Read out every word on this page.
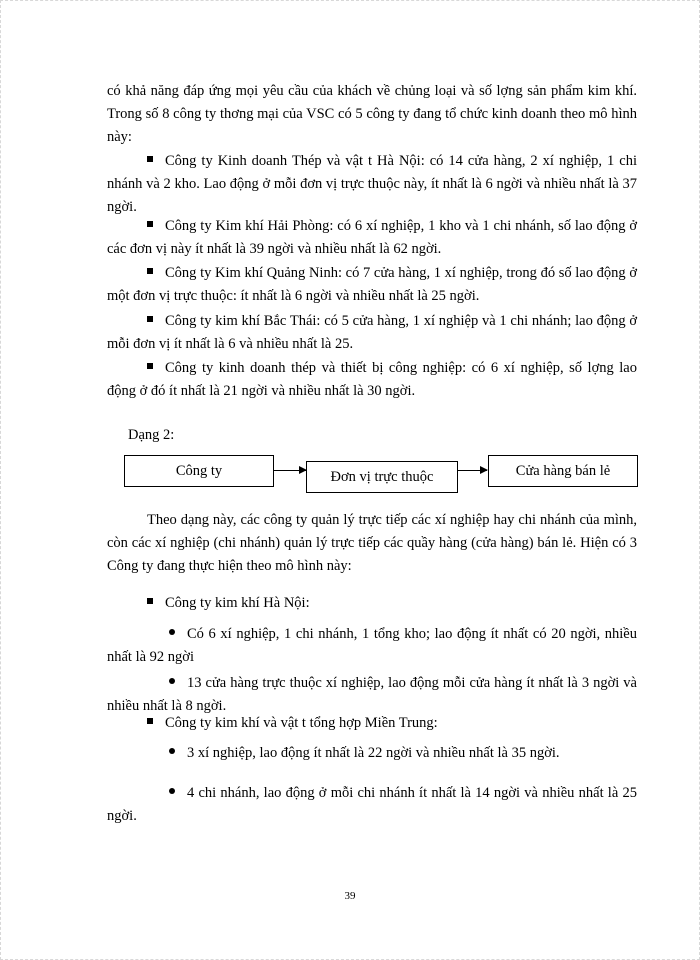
có khả năng đáp ứng mọi yêu cầu của khách về chủng loại và số lợng sản phẩm kim khí. Trong số 8 công ty thơng mại của VSC có 5 công ty đang tổ chức kinh doanh theo mô hình này:

Công ty Kinh doanh Thép và vật t Hà Nội: có 14 cửa hàng, 2 xí nghiệp, 1 chi nhánh và 2 kho. Lao động ở mỗi đơn vị trực thuộc này, ít nhất là 6 ngời và nhiều nhất là 37 ngời.

Công ty Kim khí Hải Phòng: có 6 xí nghiệp, 1 kho và 1 chi nhánh, số lao động ở các đơn vị này ít nhất là 39 ngời và nhiều nhất là 62 ngời.

Công ty Kim khí Quảng Ninh: có 7 cửa hàng, 1 xí nghiệp, trong đó số lao động ở một đơn vị trực thuộc: ít nhất là 6 ngời và nhiều nhất là 25 ngời.

Công ty kim khí Bắc Thái: có 5 cửa hàng, 1 xí nghiệp và 1 chi nhánh; lao động ở mỗi đơn vị ít nhất là 6 và nhiều nhất là 25.

Công ty kinh doanh thép và thiết bị công nghiệp: có 6 xí nghiệp, số lợng lao động ở đó ít nhất là 21 ngời và nhiều nhất là 30 ngời.

Dạng 2:

Công ty	Đơn vị trực thuộc	Cửa hàng bán lẻ

Theo dạng này, các công ty quản lý trực tiếp các xí nghiệp hay chi nhánh của mình, còn các xí nghiệp (chi nhánh) quản lý trực tiếp các quầy hàng (cửa hàng) bán lẻ. Hiện có 3 Công ty đang thực hiện theo mô hình này:

Công ty kim khí Hà Nội:

Có 6 xí nghiệp, 1 chi nhánh, 1 tổng kho; lao động ít nhất có 20 ngời, nhiều nhất là 92 ngời

13 cửa hàng trực thuộc xí nghiệp, lao động mỗi cửa hàng ít nhất là 3 ngời và nhiều nhất là 8 ngời.

Công ty kim khí và vật t tổng hợp Miền Trung:

3 xí nghiệp, lao động ít nhất là 22 ngời và nhiều nhất là 35 ngời.

4 chi nhánh, lao động ở mỗi chi nhánh ít nhất là 14 ngời và nhiều nhất là 25 ngời.

39
